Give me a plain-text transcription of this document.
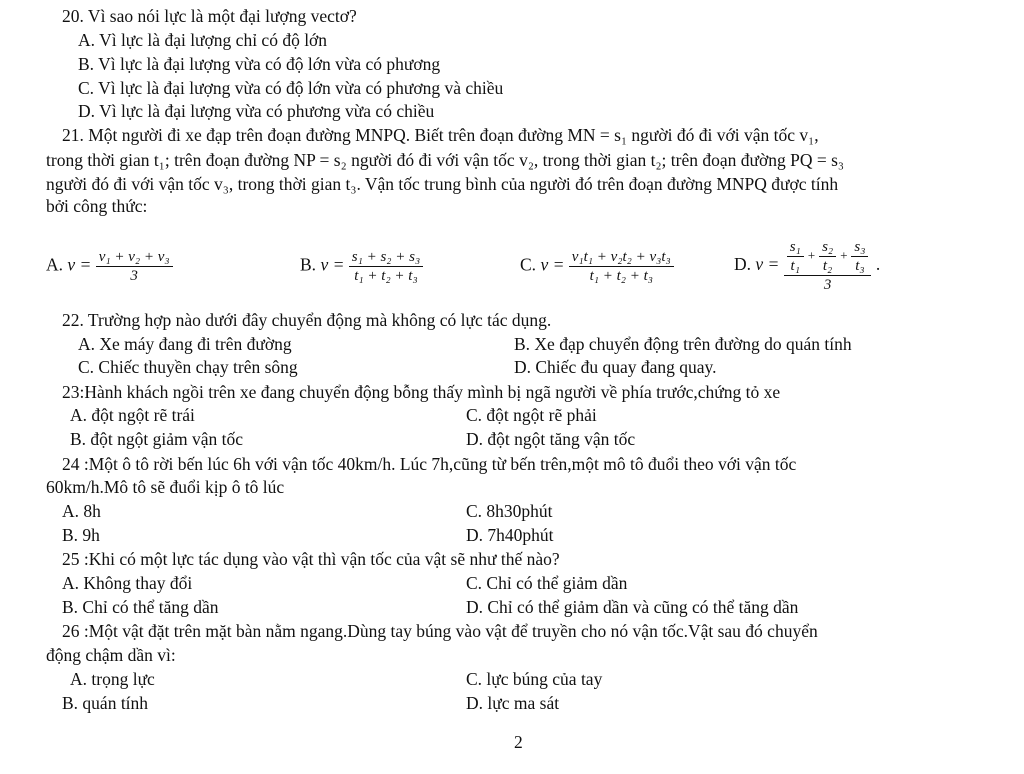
20. Vì sao nói lực là một đại lượng vectơ?
A. Vì lực là đại lượng chỉ có độ lớn
B. Vì lực là đại lượng vừa có độ lớn vừa có phương
C. Vì lực là đại lượng vừa có độ lớn vừa có phương và chiều
D. Vì lực là đại lượng vừa có phương vừa có chiều
21. Một người đi xe đạp trên đoạn đường MNPQ. Biết trên đoạn đường MN = s₁ người đó đi với vận tốc v₁,
trong thời gian t₁; trên đoạn đường NP = s₂ người đó đi với vận tốc v₂, trong thời gian t₂; trên đoạn đường PQ = s₃
người đó đi với vận tốc v₃, trong thời gian t₃. Vận tốc trung bình của người đó trên đoạn đường MNPQ được tính
bởi công thức:
A. $v = \frac{\text{v₁ + v₂ + v₃}}{3}$	B. $v = \frac{\text{s₁ + s₂ + s₃}}{\text{t₁ + t₂ + t₃}}$	C. $v = \frac{\text{v₁t₁ + v₂t₂ + v₃t₃}}{\text{t₁ + t₂ + t₃}}$	D. $v = \frac{\text{s₁}}{\text{t₁}} + \frac{\text{s₂}}{\text{t₂}} + \frac{\text{s₃}}{\text{t₃}}$
3
.
22. Trường hợp nào dưới đây chuyển động mà không có lực tác dụng.
A. Xe máy đang đi trên đường	B. Xe đạp chuyển động trên đường do quán tính
C. Chiếc thuyền chạy trên sông	D. Chiếc đu quay đang quay.
23:Hành khách ngồi trên xe đang chuyển động bỗng thấy mình bị ngã người về phía trước,chứng tỏ xe
A. đột ngột rẽ trái	C. đột ngột rẽ phải
B. đột ngột giảm vận tốc	D. đột ngột tăng vận tốc
24 :Một ô tô rời bến lúc 6h với vận tốc 40km/h. Lúc 7h,cũng từ bến trên,một mô tô đuổi theo với vận tốc
60km/h.Mô tô sẽ đuổi kịp ô tô lúc
A. 8h	C. 8h30phút
B. 9h	D. 7h40phút
25 :Khi có một lực tác dụng vào vật thì vận tốc của vật sẽ như thế nào?
A. Không thay đổi	C. Chỉ có thể giảm dần
B. Chỉ có thể tăng dần	D. Chỉ có thể giảm dần và cũng có thể tăng dần
26 :Một vật đặt trên mặt bàn nằm ngang.Dùng tay búng vào vật để truyền cho nó vận tốc.Vật sau đó chuyển
động chậm dần vì:
A. trọng lực	C. lực búng của tay
B. quán tính	D. lực ma sát
2
